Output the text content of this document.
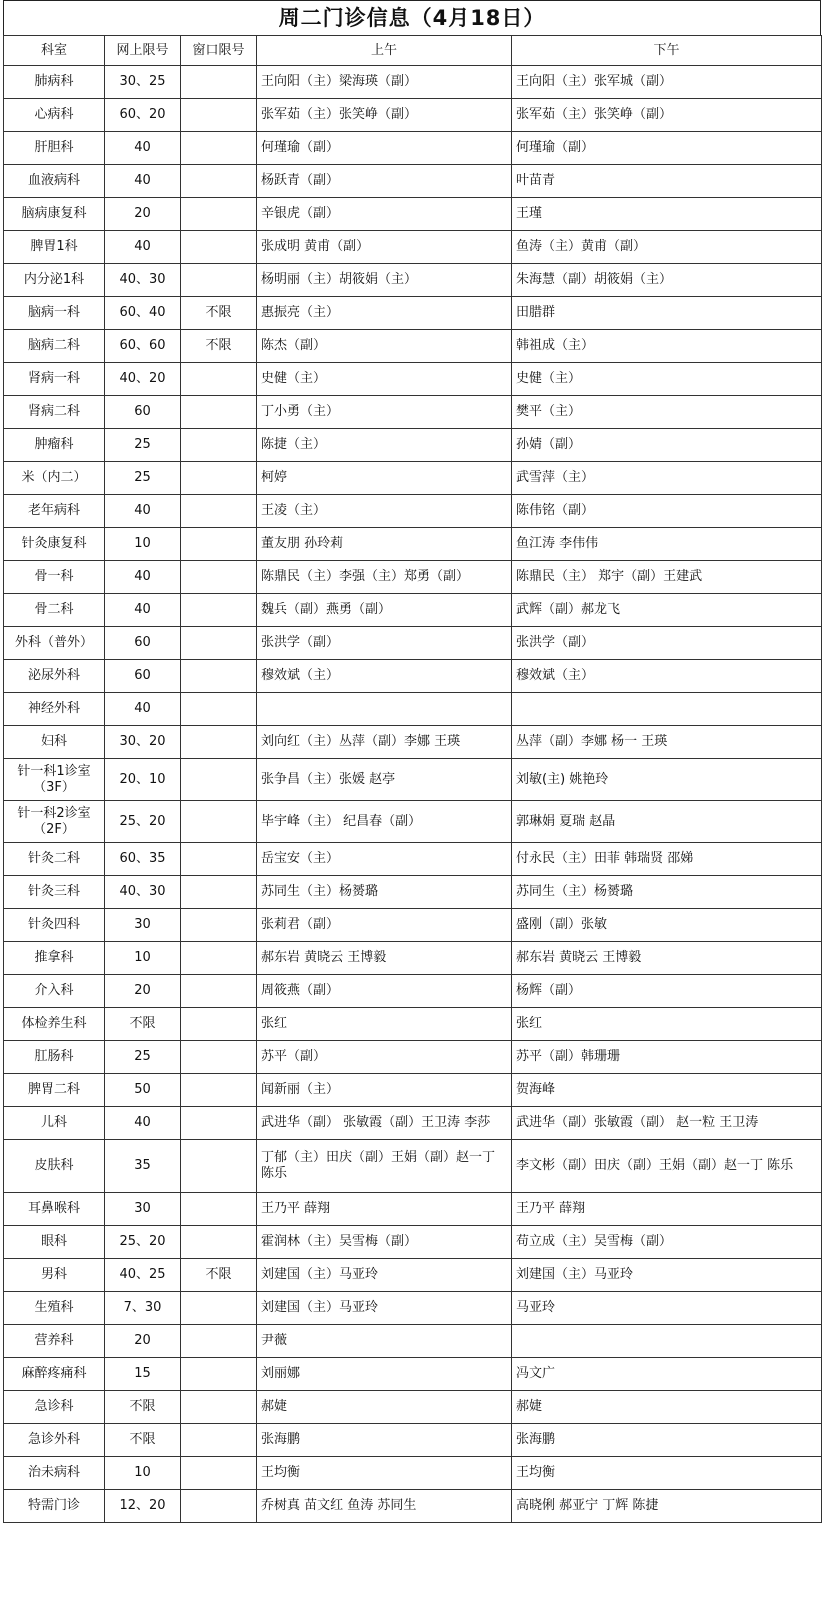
周二门诊信息（4月18日）
科室	网上限号	窗口限号	上午	下午
肺病科	30、25		王向阳（主）梁海瑛（副）	王向阳（主）张军城（副）
心病科	60、20		张军茹（主）张笑峥（副）	张军茹（主）张笑峥（副）
肝胆科	40		何瑾瑜（副）	何瑾瑜（副）
血液病科	40		杨跃青（副）	叶苗青
脑病康复科	20		辛银虎（副）	王瑾
脾胃1科	40		张成明 黄甫（副）	鱼涛（主）黄甫（副）
内分泌1科	40、30		杨明丽（主）胡筱娟（主）	朱海慧（副）胡筱娟（主）
脑病一科	60、40	不限	惠振亮（主）	田腊群
脑病二科	60、60	不限	陈杰（副）	韩祖成（主）
肾病一科	40、20		史健（主）	史健（主）
肾病二科	60		丁小勇（主）	樊平（主）
肿瘤科	25		陈捷（主）	孙婧（副）
米（内二）	25		柯婷	武雪萍（主）
老年病科	40		王凌（主）	陈伟铭（副）
针灸康复科	10		董友朋 孙玲莉	鱼江涛 李伟伟
骨一科	40		陈鼎民（主）李强（主）郑勇（副）	陈鼎民（主） 郑宇（副）王建武
骨二科	40		魏兵（副）燕勇（副）	武辉（副）郝龙飞
外科（普外）	60		张洪学（副）	张洪学（副）
泌尿外科	60		穆效斌（主）	穆效斌（主）
神经外科	40			
妇科	30、20		刘向红（主）丛萍（副）李娜 王瑛	丛萍（副）李娜 杨一 王瑛
针一科1诊室（3F）	20、10		张争昌（主）张媛 赵亭	刘敏(主) 姚艳玲
针一科2诊室（2F）	25、20		毕宇峰（主） 纪昌春（副）	郭琳娟 夏瑞 赵晶
针灸二科	60、35		岳宝安（主）	付永民（主）田菲 韩瑞贤 邵娣
针灸三科	40、30		苏同生（主）杨赟璐	苏同生（主）杨赟璐
针灸四科	30		张莉君（副）	盛刚（副）张敏
推拿科	10		郝东岩 黄晓云 王博毅	郝东岩 黄晓云 王博毅
介入科	20		周筱燕（副）	杨辉（副）
体检养生科	不限		张红	张红
肛肠科	25		苏平（副）	苏平（副）韩珊珊
脾胃二科	50		闻新丽（主）	贺海峰
儿科	40		武进华（副） 张敏霞（副）王卫涛 李莎	武进华（副）张敏霞（副） 赵一粒 王卫涛
皮肤科	35		丁郁（主）田庆（副）王娟（副）赵一丁 陈乐	李文彬（副）田庆（副）王娟（副）赵一丁 陈乐
耳鼻喉科	30		王乃平 薛翔	王乃平 薛翔
眼科	25、20		霍润林（主）吴雪梅（副）	苟立成（主）吴雪梅（副）
男科	40、25	不限	刘建国（主）马亚玲	刘建国（主）马亚玲
生殖科	7、30		刘建国（主）马亚玲	马亚玲
营养科	20		尹薇	
麻醉疼痛科	15		刘丽娜	冯文广
急诊科	不限		郝婕	郝婕
急诊外科	不限		张海鹏	张海鹏
治未病科	10		王均衡	王均衡
特需门诊	12、20		乔树真 苗文红 鱼涛 苏同生	高晓俐 郝亚宁 丁辉 陈捷
